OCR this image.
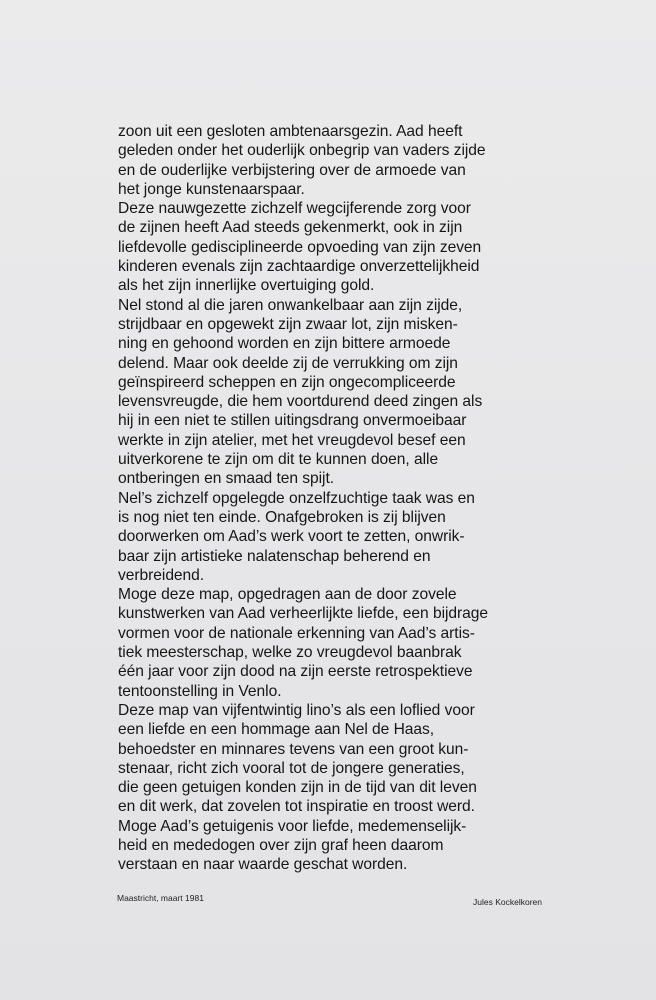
zoon uit een gesloten ambtenaarsgezin. Aad heeft
geleden onder het ouderlijk onbegrip van vaders zijde
en de ouderlijke verbijstering over de armoede van
het jonge kunstenaarspaar.
Deze nauwgezette zichzelf wegcijferende zorg voor
de zijnen heeft Aad steeds gekenmerkt, ook in zijn
liefdevolle gedisciplineerde opvoeding van zijn zeven
kinderen evenals zijn zachtaardige onverzettelijkheid
als het zijn innerlijke overtuiging gold.
Nel stond al die jaren onwankelbaar aan zijn zijde,
strijdbaar en opgewekt zijn zwaar lot, zijn misken-
ning en gehoond worden en zijn bittere armoede
delend. Maar ook deelde zij de verrukking om zijn
geïnspireerd scheppen en zijn ongecompliceerde
levensvreugde, die hem voortdurend deed zingen als
hij in een niet te stillen uitingsdrang onvermoeibaar
werkte in zijn atelier, met het vreugdevol besef een
uitverkorene te zijn om dit te kunnen doen, alle
ontberingen en smaad ten spijt.
Nel’s zichzelf opgelegde onzelfzuchtige taak was en
is nog niet ten einde. Onafgebroken is zij blijven
doorwerken om Aad’s werk voort te zetten, onwrik-
baar zijn artistieke nalatenschap beherend en
verbreidend.
Moge deze map, opgedragen aan de door zovele
kunstwerken van Aad verheerlijkte liefde, een bijdrage
vormen voor de nationale erkenning van Aad’s artis-
tiek meesterschap, welke zo vreugdevol baanbrak
één jaar voor zijn dood na zijn eerste retrospektieve
tentoonstelling in Venlo.
Deze map van vijfentwintig lino’s als een loflied voor
een liefde en een hommage aan Nel de Haas,
behoedster en minnares tevens van een groot kun-
stenaar, richt zich vooral tot de jongere generaties,
die geen getuigen konden zijn in de tijd van dit leven
en dit werk, dat zovelen tot inspiratie en troost werd.
Moge Aad’s getuigenis voor liefde, medemenselijk-
heid en mededogen over zijn graf heen daarom
verstaan en naar waarde geschat worden.
Maastricht, maart 1981	Jules Kockelkoren
